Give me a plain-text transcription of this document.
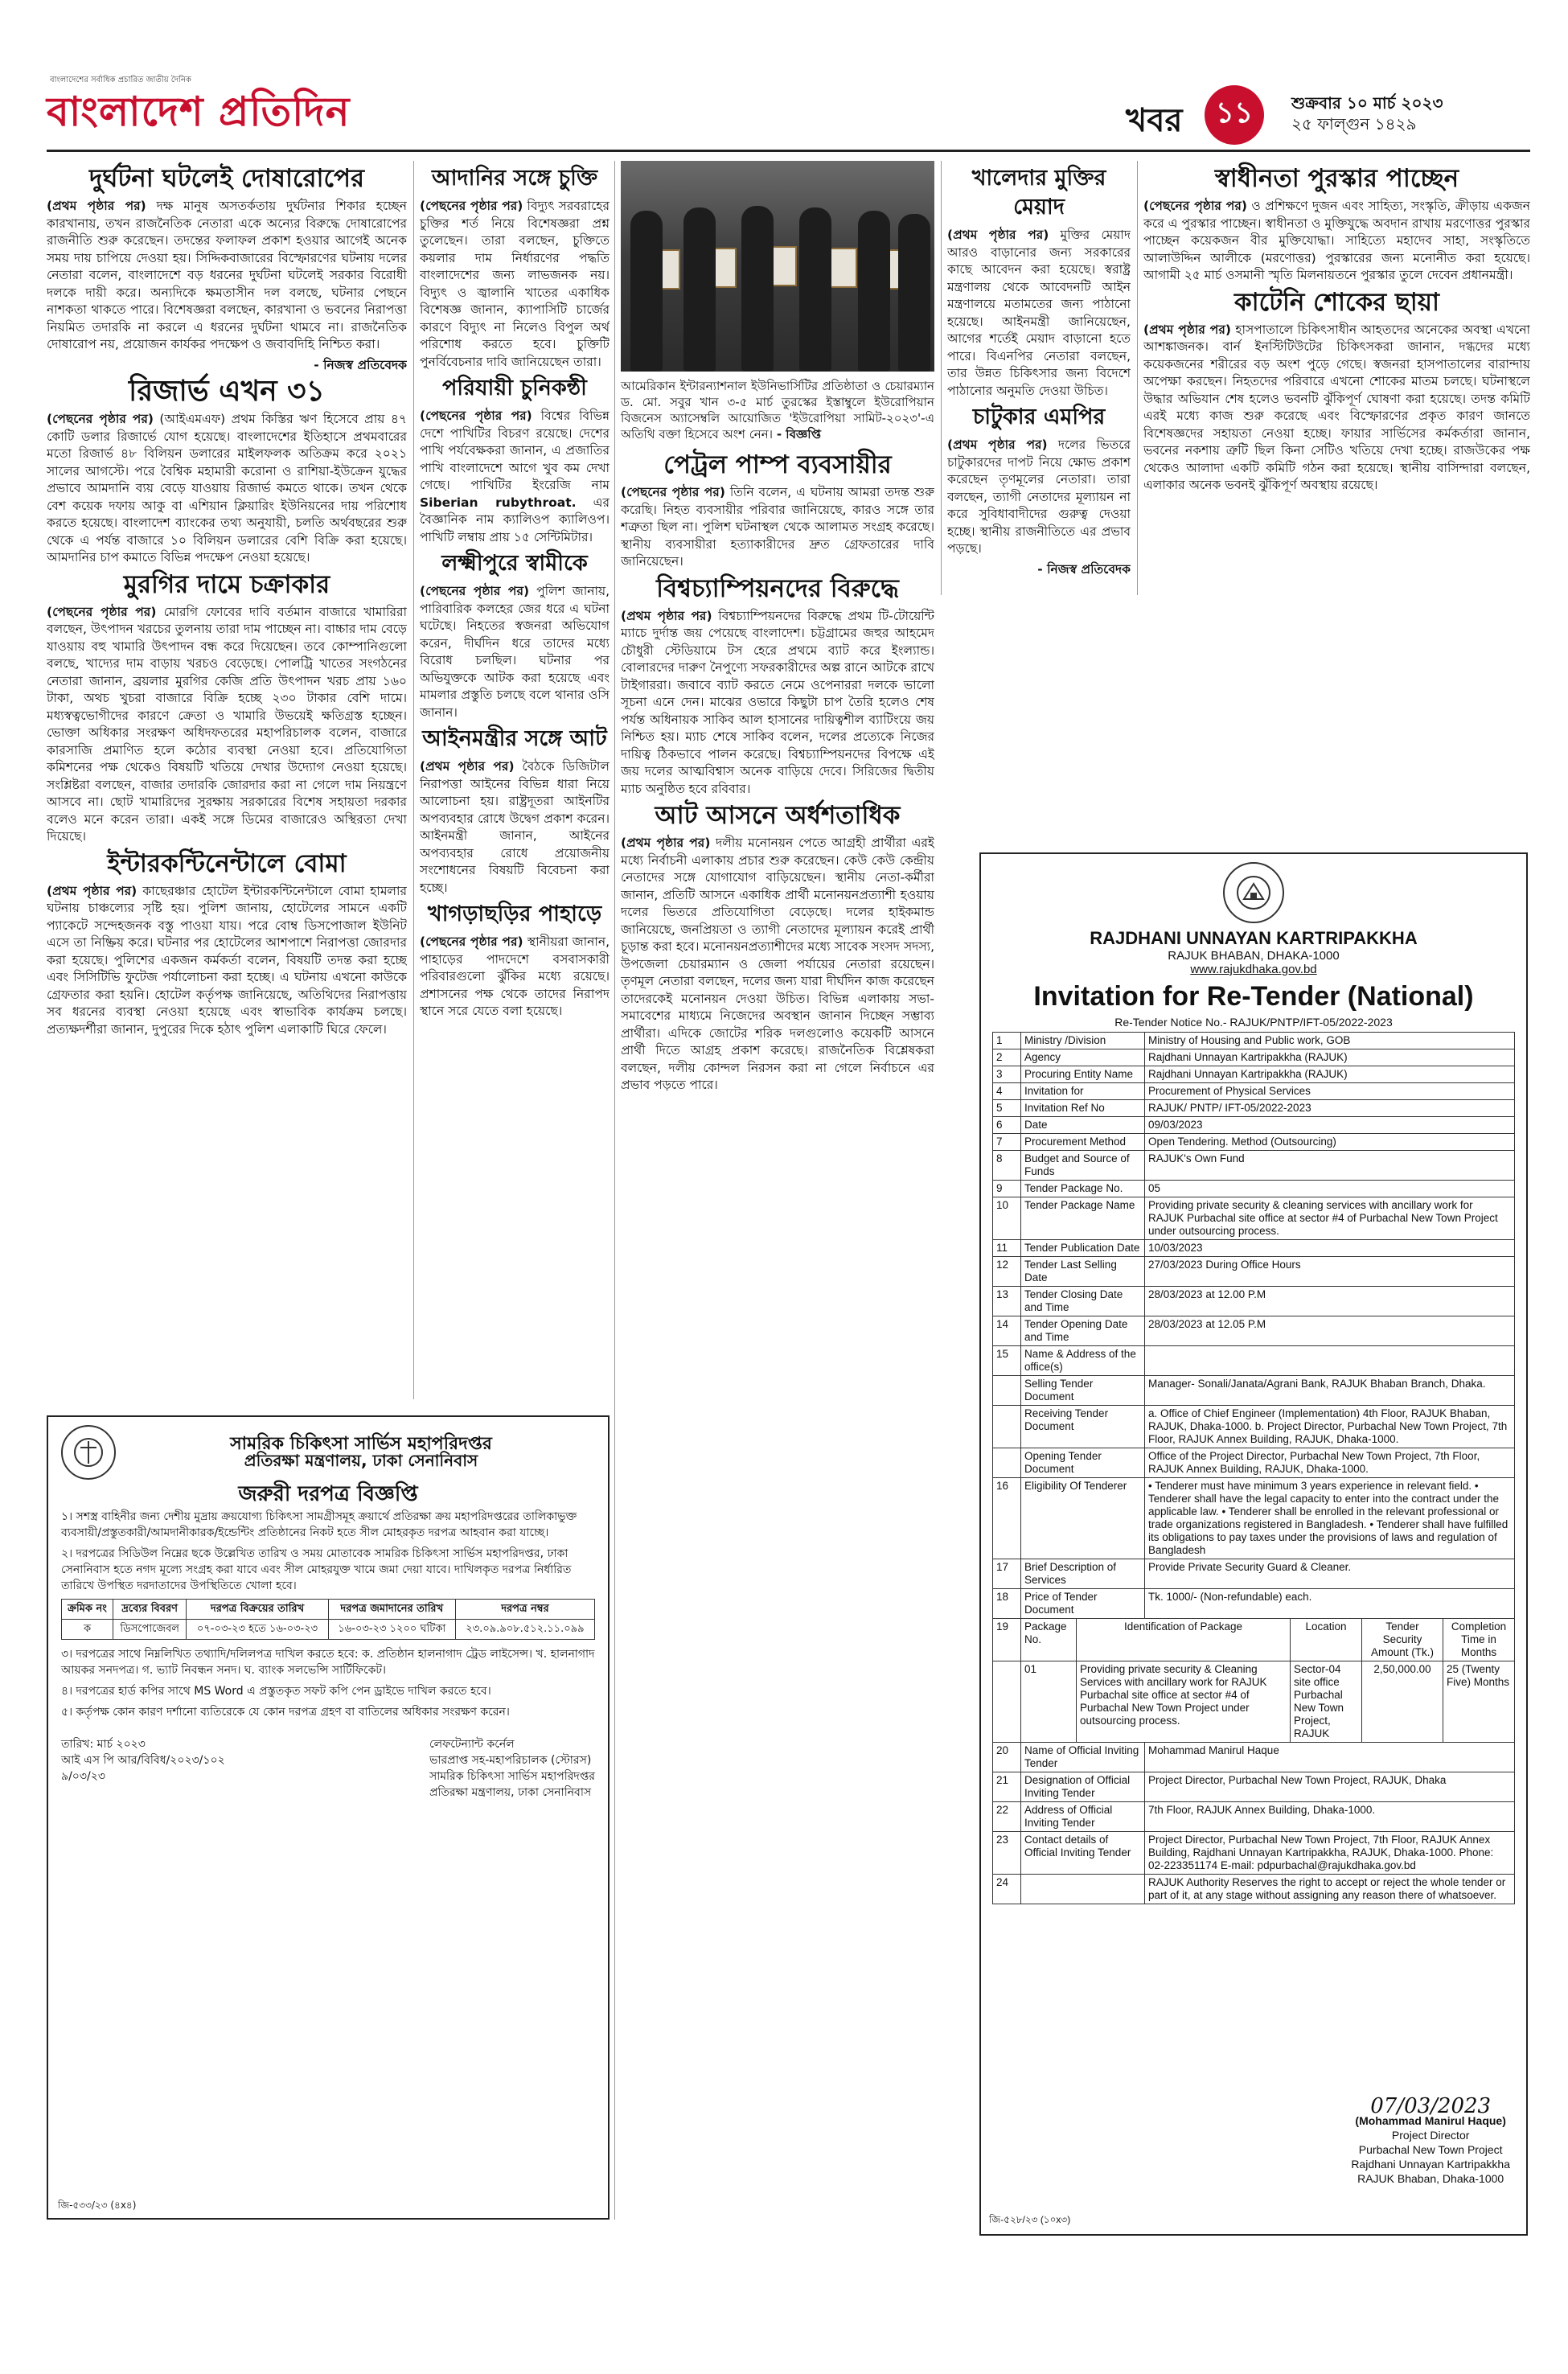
বাংলাদেশের সর্বাধিক প্রচারিত জাতীয় দৈনিক
বাংলাদেশ প্রতিদিন	খবর ১১ শুক্রবার ১০ মার্চ ২০২৩
২৫ ফাল্গুন ১৪২৯
দুর্ঘটনা ঘটলেই দোষারোপের

(প্রথম পৃষ্ঠার পর) দক্ষ মানুষ অসতর্কতায় দুর্ঘটনার শিকার হচ্ছেন কারখানায়, তখন রাজনৈতিক নেতারা একে অন্যের বিরুদ্ধে দোষারোপের রাজনীতি শুরু করেছেন। তদন্তের ফলাফল প্রকাশ হওয়ার আগেই অনেক সময় দায় চাপিয়ে দেওয়া হয়। সিদ্দিকবাজারের বিস্ফোরণের ঘটনায় দলের নেতারা বলেন, বাংলাদেশে বড় ধরনের দুর্ঘটনা ঘটলেই সরকার বিরোধী দলকে দায়ী করে। অন্যদিকে ক্ষমতাসীন দল বলছে, ঘটনার পেছনে নাশকতা থাকতে পারে। বিশেষজ্ঞরা বলছেন, কারখানা ও ভবনের নিরাপত্তা নিয়মিত তদারকি না করলে এ ধরনের দুর্ঘটনা থামবে না। রাজনৈতিক দোষারোপ নয়, প্রয়োজন কার্যকর পদক্ষেপ ও জবাবদিহি নিশ্চিত করা।

- নিজস্ব প্রতিবেদক
রিজার্ভ এখন ৩১

(পেছনের পৃষ্ঠার পর) (আইএমএফ) প্রথম কিস্তির ঋণ হিসেবে প্রায় ৪৭ কোটি ডলার রিজার্ভে যোগ হয়েছে। বাংলাদেশের ইতিহাসে প্রথমবারের মতো রিজার্ভ ৪৮ বিলিয়ন ডলারের মাইলফলক অতিক্রম করে ২০২১ সালের আগস্টে। পরে বৈশ্বিক মহামারী করোনা ও রাশিয়া-ইউক্রেন যুদ্ধের প্রভাবে আমদানি ব্যয় বেড়ে যাওয়ায় রিজার্ভ কমতে থাকে। তখন থেকে বেশ কয়েক দফায় আকু বা এশিয়ান ক্লিয়ারিং ইউনিয়নের দায় পরিশোধ করতে হয়েছে। বাংলাদেশ ব্যাংকের তথ্য অনুযায়ী, চলতি অর্থবছরের শুরু থেকে এ পর্যন্ত বাজারে ১০ বিলিয়ন ডলারের বেশি বিক্রি করা হয়েছে। আমদানির চাপ কমাতে বিভিন্ন পদক্ষেপ নেওয়া হয়েছে।

মুরগির দামে চক্রাকার

(পেছনের পৃষ্ঠার পর) মোরগি ফোবের দাবি বর্তমান বাজারে খামারিরা বলছেন, উৎপাদন খরচের তুলনায় তারা দাম পাচ্ছেন না। বাচ্চার দাম বেড়ে যাওয়ায় বহু খামারি উৎপাদন বন্ধ করে দিয়েছেন। তবে কোম্পানিগুলো বলছে, খাদ্যের দাম বাড়ায় খরচও বেড়েছে। পোলট্রি খাতের সংগঠনের নেতারা জানান, ব্রয়লার মুরগির কেজি প্রতি উৎপাদন খরচ প্রায় ১৬০ টাকা, অথচ খুচরা বাজারে বিক্রি হচ্ছে ২৩০ টাকার বেশি দামে। মধ্যস্বত্বভোগীদের কারণে ক্রেতা ও খামারি উভয়েই ক্ষতিগ্রস্ত হচ্ছেন। ভোক্তা অধিকার সংরক্ষণ অধিদফতরের মহাপরিচালক বলেন, বাজারে কারসাজি প্রমাণিত হলে কঠোর ব্যবস্থা নেওয়া হবে। প্রতিযোগিতা কমিশনের পক্ষ থেকেও বিষয়টি খতিয়ে দেখার উদ্যোগ নেওয়া হয়েছে। সংশ্লিষ্টরা বলছেন, বাজার তদারকি জোরদার করা না গেলে দাম নিয়ন্ত্রণে আসবে না। ছোট খামারিদের সুরক্ষায় সরকারের বিশেষ সহায়তা দরকার বলেও মনে করেন তারা। একই সঙ্গে ডিমের বাজারেও অস্থিরতা দেখা দিয়েছে।

ইন্টারকন্টিনেন্টালে বোমা

(প্রথম পৃষ্ঠার পর) কাছেরঞ্চার হোটেল ইন্টারকন্টিনেন্টালে বোমা হামলার ঘটনায় চাঞ্চল্যের সৃষ্টি হয়। পুলিশ জানায়, হোটেলের সামনে একটি প্যাকেটে সন্দেহজনক বস্তু পাওয়া যায়। পরে বোম্ব ডিসপোজাল ইউনিট এসে তা নিষ্ক্রিয় করে। ঘটনার পর হোটেলের আশপাশে নিরাপত্তা জোরদার করা হয়েছে। পুলিশের একজন কর্মকর্তা বলেন, বিষয়টি তদন্ত করা হচ্ছে এবং সিসিটিভি ফুটেজ পর্যালোচনা করা হচ্ছে। এ ঘটনায় এখনো কাউকে গ্রেফতার করা হয়নি। হোটেল কর্তৃপক্ষ জানিয়েছে, অতিথিদের নিরাপত্তায় সব ধরনের ব্যবস্থা নেওয়া হয়েছে এবং স্বাভাবিক কার্যক্রম চলছে। প্রত্যক্ষদর্শীরা জানান, দুপুরের দিকে হঠাৎ পুলিশ এলাকাটি ঘিরে ফেলে।

আদানির সঙ্গে চুক্তি

(পেছনের পৃষ্ঠার পর) বিদ্যুৎ সরবরাহের চুক্তির শর্ত নিয়ে বিশেষজ্ঞরা প্রশ্ন তুলেছেন। তারা বলছেন, চুক্তিতে কয়লার দাম নির্ধারণের পদ্ধতি বাংলাদেশের জন্য লাভজনক নয়। বিদ্যুৎ ও জ্বালানি খাতের একাধিক বিশেষজ্ঞ জানান, ক্যাপাসিটি চার্জের কারণে বিদ্যুৎ না নিলেও বিপুল অর্থ পরিশোধ করতে হবে। চুক্তিটি পুনর্বিবেচনার দাবি জানিয়েছেন তারা।

পরিযায়ী চুনিকন্ঠী

(পেছনের পৃষ্ঠার পর) বিশ্বের বিভিন্ন দেশে পাখিটির বিচরণ রয়েছে। দেশের পাখি পর্যবেক্ষকরা জানান, এ প্রজাতির পাখি বাংলাদেশে আগে খুব কম দেখা গেছে। পাখিটির ইংরেজি নাম Siberian rubythroat. এর বৈজ্ঞানিক নাম ক্যালিওপ ক্যালিওপ। পাখিটি লম্বায় প্রায় ১৫ সেন্টিমিটার।

লক্ষ্মীপুরে স্বামীকে

(পেছনের পৃষ্ঠার পর) পুলিশ জানায়, পারিবারিক কলহের জের ধরে এ ঘটনা ঘটেছে। নিহতের স্বজনরা অভিযোগ করেন, দীর্ঘদিন ধরে তাদের মধ্যে বিরোধ চলছিল। ঘটনার পর অভিযুক্তকে আটক করা হয়েছে এবং মামলার প্রস্তুতি চলছে বলে থানার ওসি জানান।

আইনমন্ত্রীর সঙ্গে আট

(প্রথম পৃষ্ঠার পর) বৈঠকে ডিজিটাল নিরাপত্তা আইনের বিভিন্ন ধারা নিয়ে আলোচনা হয়। রাষ্ট্রদূতরা আইনটির অপব্যবহার রোধে উদ্বেগ প্রকাশ করেন। আইনমন্ত্রী জানান, আইনের অপব্যবহার রোধে প্রয়োজনীয় সংশোধনের বিষয়টি বিবেচনা করা হচ্ছে।

খাগড়াছড়ির পাহাড়ে

(পেছনের পৃষ্ঠার পর) স্থানীয়রা জানান, পাহাড়ের পাদদেশে বসবাসকারী পরিবারগুলো ঝুঁকির মধ্যে রয়েছে। প্রশাসনের পক্ষ থেকে তাদের নিরাপদ স্থানে সরে যেতে বলা হয়েছে।

আমেরিকান ইন্টারন্যাশনাল ইউনিভার্সিটির প্রতিষ্ঠাতা ও চেয়ারম্যান ড. মো. সবুর খান ৩-৫ মার্চ তুরস্কের ইস্তাম্বুলে ইউরোপিয়ান বিজনেস অ্যাসেম্বলি আয়োজিত 'ইউরোপিয়া সামিট-২০২৩'-এ অতিথি বক্তা হিসেবে অংশ নেন। - বিজ্ঞপ্তি
পেট্রল পাম্প ব্যবসায়ীর

(পেছনের পৃষ্ঠার পর) তিনি বলেন, এ ঘটনায় আমরা তদন্ত শুরু করেছি। নিহত ব্যবসায়ীর পরিবার জানিয়েছে, কারও সঙ্গে তার শত্রুতা ছিল না। পুলিশ ঘটনাস্থল থেকে আলামত সংগ্রহ করেছে। স্থানীয় ব্যবসায়ীরা হত্যাকারীদের দ্রুত গ্রেফতারের দাবি জানিয়েছেন।

বিশ্বচ্যাম্পিয়নদের বিরুদ্ধে

(প্রথম পৃষ্ঠার পর) বিশ্বচ্যাম্পিয়নদের বিরুদ্ধে প্রথম টি-টোয়েন্টি ম্যাচে দুর্দান্ত জয় পেয়েছে বাংলাদেশ। চট্টগ্রামের জহুর আহমেদ চৌধুরী স্টেডিয়ামে টস হেরে প্রথমে ব্যাট করে ইংল্যান্ড। বোলারদের দারুণ নৈপুণ্যে সফরকারীদের অল্প রানে আটকে রাখে টাইগাররা। জবাবে ব্যাট করতে নেমে ওপেনাররা দলকে ভালো সূচনা এনে দেন। মাঝের ওভারে কিছুটা চাপ তৈরি হলেও শেষ পর্যন্ত অধিনায়ক সাকিব আল হাসানের দায়িত্বশীল ব্যাটিংয়ে জয় নিশ্চিত হয়। ম্যাচ শেষে সাকিব বলেন, দলের প্রত্যেকে নিজের দায়িত্ব ঠিকভাবে পালন করেছে। বিশ্বচ্যাম্পিয়নদের বিপক্ষে এই জয় দলের আত্মবিশ্বাস অনেক বাড়িয়ে দেবে। সিরিজের দ্বিতীয় ম্যাচ অনুষ্ঠিত হবে রবিবার।

আট আসনে অর্ধশতাধিক

(প্রথম পৃষ্ঠার পর) দলীয় মনোনয়ন পেতে আগ্রহী প্রার্থীরা এরই মধ্যে নির্বাচনী এলাকায় প্রচার শুরু করেছেন। কেউ কেউ কেন্দ্রীয় নেতাদের সঙ্গে যোগাযোগ বাড়িয়েছেন। স্থানীয় নেতা-কর্মীরা জানান, প্রতিটি আসনে একাধিক প্রার্থী মনোনয়নপ্রত্যাশী হওয়ায় দলের ভিতরে প্রতিযোগিতা বেড়েছে। দলের হাইকমান্ড জানিয়েছে, জনপ্রিয়তা ও ত্যাগী নেতাদের মূল্যায়ন করেই প্রার্থী চূড়ান্ত করা হবে। মনোনয়নপ্রত্যাশীদের মধ্যে সাবেক সংসদ সদস্য, উপজেলা চেয়ারম্যান ও জেলা পর্যায়ের নেতারা রয়েছেন। তৃণমূল নেতারা বলছেন, দলের জন্য যারা দীর্ঘদিন কাজ করেছেন তাদেরকেই মনোনয়ন দেওয়া উচিত। বিভিন্ন এলাকায় সভা-সমাবেশের মাধ্যমে নিজেদের অবস্থান জানান দিচ্ছেন সম্ভাব্য প্রার্থীরা। এদিকে জোটের শরিক দলগুলোও কয়েকটি আসনে প্রার্থী দিতে আগ্রহ প্রকাশ করেছে। রাজনৈতিক বিশ্লেষকরা বলছেন, দলীয় কোন্দল নিরসন করা না গেলে নির্বাচনে এর প্রভাব পড়তে পারে।

খালেদার মুক্তির মেয়াদ

(প্রথম পৃষ্ঠার পর) মুক্তির মেয়াদ আরও বাড়ানোর জন্য সরকারের কাছে আবেদন করা হয়েছে। স্বরাষ্ট্র মন্ত্রণালয় থেকে আবেদনটি আইন মন্ত্রণালয়ে মতামতের জন্য পাঠানো হয়েছে। আইনমন্ত্রী জানিয়েছেন, আগের শর্তেই মেয়াদ বাড়ানো হতে পারে। বিএনপির নেতারা বলছেন, তার উন্নত চিকিৎসার জন্য বিদেশে পাঠানোর অনুমতি দেওয়া উচিত।

চাটুকার এমপির

(প্রথম পৃষ্ঠার পর) দলের ভিতরে চাটুকারদের দাপট নিয়ে ক্ষোভ প্রকাশ করেছেন তৃণমূলের নেতারা। তারা বলছেন, ত্যাগী নেতাদের মূল্যায়ন না করে সুবিধাবাদীদের গুরুত্ব দেওয়া হচ্ছে। স্থানীয় রাজনীতিতে এর প্রভাব পড়ছে।

- নিজস্ব প্রতিবেদক
স্বাধীনতা পুরস্কার পাচ্ছেন

(পেছনের পৃষ্ঠার পর) ও প্রশিক্ষণে দুজন এবং সাহিত্য, সংস্কৃতি, ক্রীড়ায় একজন করে এ পুরস্কার পাচ্ছেন। স্বাধীনতা ও মুক্তিযুদ্ধে অবদান রাখায় মরণোত্তর পুরস্কার পাচ্ছেন কয়েকজন বীর মুক্তিযোদ্ধা। সাহিত্যে মহাদেব সাহা, সংস্কৃতিতে আলাউদ্দিন আলীকে (মরণোত্তর) পুরস্কারের জন্য মনোনীত করা হয়েছে। আগামী ২৫ মার্চ ওসমানী স্মৃতি মিলনায়তনে পুরস্কার তুলে দেবেন প্রধানমন্ত্রী।

কাটেনি শোকের ছায়া

(প্রথম পৃষ্ঠার পর) হাসপাতালে চিকিৎসাধীন আহতদের অনেকের অবস্থা এখনো আশঙ্কাজনক। বার্ন ইনস্টিটিউটের চিকিৎসকরা জানান, দগ্ধদের মধ্যে কয়েকজনের শরীরের বড় অংশ পুড়ে গেছে। স্বজনরা হাসপাতালের বারান্দায় অপেক্ষা করছেন। নিহতদের পরিবারে এখনো শোকের মাতম চলছে। ঘটনাস্থলে উদ্ধার অভিযান শেষ হলেও ভবনটি ঝুঁকিপূর্ণ ঘোষণা করা হয়েছে। তদন্ত কমিটি এরই মধ্যে কাজ শুরু করেছে এবং বিস্ফোরণের প্রকৃত কারণ জানতে বিশেষজ্ঞদের সহায়তা নেওয়া হচ্ছে। ফায়ার সার্ভিসের কর্মকর্তারা জানান, ভবনের নকশায় ত্রুটি ছিল কিনা সেটিও খতিয়ে দেখা হচ্ছে। রাজউকের পক্ষ থেকেও আলাদা একটি কমিটি গঠন করা হয়েছে। স্থানীয় বাসিন্দারা বলছেন, এলাকার অনেক ভবনই ঝুঁকিপূর্ণ অবস্থায় রয়েছে।

RAJDHANI UNNAYAN KARTRIPAKKHA
RAJUK BHABAN, DHAKA-1000
www.rajukdhaka.gov.bd
Invitation for Re-Tender (National)
Re-Tender Notice No.- RAJUK/PNTP/IFT-05/2022-2023
1	Ministry /Division	Ministry of Housing and Public work, GOB
2	Agency	Rajdhani Unnayan Kartripakkha (RAJUK)
3	Procuring Entity Name	Rajdhani Unnayan Kartripakkha (RAJUK)
4	Invitation for	Procurement of Physical Services
5	Invitation Ref No	RAJUK/ PNTP/ IFT-05/2022-2023
6	Date	09/03/2023
7	Procurement Method	Open Tendering. Method (Outsourcing)
8	Budget and Source of Funds	RAJUK's Own Fund
9	Tender Package No.	05
10	Tender Package Name	Providing private security & cleaning services with ancillary work for RAJUK Purbachal site office at sector #4 of Purbachal New Town Project under outsourcing process.
11	Tender Publication Date	10/03/2023
12	Tender Last Selling Date	27/03/2023 During Office Hours
13	Tender Closing Date and Time	28/03/2023 at 12.00 P.M
14	Tender Opening Date and Time	28/03/2023 at 12.05 P.M
15	Name & Address of the office(s)	
	Selling Tender Document	Manager- Sonali/Janata/Agrani Bank, RAJUK Bhaban Branch, Dhaka.
	Receiving Tender Document	a. Office of Chief Engineer (Implementation) 4th Floor, RAJUK Bhaban, RAJUK, Dhaka-1000. b. Project Director, Purbachal New Town Project, 7th Floor, RAJUK Annex Building, RAJUK, Dhaka-1000.
	Opening Tender Document	Office of the Project Director, Purbachal New Town Project, 7th Floor, RAJUK Annex Building, RAJUK, Dhaka-1000.
16	Eligibility Of Tenderer	• Tenderer must have minimum 3 years experience in relevant field. • Tenderer shall have the legal capacity to enter into the contract under the applicable law. • Tenderer shall be enrolled in the relevant professional or trade organizations registered in Bangladesh. • Tenderer shall have fulfilled its obligations to pay taxes under the provisions of laws and regulation of Bangladesh
17	Brief Description of Services	Provide Private Security Guard & Cleaner.
18	Price of Tender Document	Tk. 1000/- (Non-refundable) each.
19	Package No.	Identification of Package	Location	Tender Security Amount (Tk.)	Completion Time in Months
	01	Providing private security & Cleaning Services with ancillary work for RAJUK Purbachal site office at sector #4 of Purbachal New Town Project under outsourcing process.	Sector-04 site office Purbachal New Town Project, RAJUK	2,50,000.00	25 (Twenty Five) Months
20	Name of Official Inviting Tender	Mohammad Manirul Haque
21	Designation of Official Inviting Tender	Project Director, Purbachal New Town Project, RAJUK, Dhaka
22	Address of Official Inviting Tender	7th Floor, RAJUK Annex Building, Dhaka-1000.
23	Contact details of Official Inviting Tender	Project Director, Purbachal New Town Project, 7th Floor, RAJUK Annex Building, Rajdhani Unnayan Kartripakkha, RAJUK, Dhaka-1000. Phone: 02-223351174 E-mail: pdpurbachal@rajukdhaka.gov.bd
24		RAJUK Authority Reserves the right to accept or reject the whole tender or part of it, at any stage without assigning any reason there of whatsoever.
07/03/2023
(Mohammad Manirul Haque)
Project Director
Purbachal New Town Project
Rajdhani Unnayan Kartripakkha
RAJUK Bhaban, Dhaka-1000
জি-৫২৮/২৩ (১০x৩)
সামরিক চিকিৎসা সার্ভিস মহাপরিদপ্তর
প্রতিরক্ষা মন্ত্রণালয়, ঢাকা সেনানিবাস
জরুরী দরপত্র বিজ্ঞপ্তি

১। সশস্ত্র বাহিনীর জন্য দেশীয় মুদ্রায় ক্রয়যোগ্য চিকিৎসা সামগ্রীসমূহ ক্রয়ার্থে প্রতিরক্ষা ক্রয় মহাপরিদপ্তরের তালিকাভুক্ত ব্যবসায়ী/প্রস্তুতকারী/আমদানীকারক/ইন্ডেন্টিং প্রতিষ্ঠানের নিকট হতে সীল মোহরকৃত দরপত্র আহবান করা যাচ্ছে।

২। দরপত্রের সিডিউল নিম্নের ছকে উল্লেখিত তারিখ ও সময় মোতাবেক সামরিক চিকিৎসা সার্ভিস মহাপরিদপ্তর, ঢাকা সেনানিবাস হতে নগদ মূল্যে সংগ্রহ করা যাবে এবং সীল মোহরযুক্ত খামে জমা দেয়া যাবে। দাখিলকৃত দরপত্র নির্ধারিত তারিখে উপস্থিত দরদাতাদের উপস্থিতিতে খোলা হবে।

ক্রমিক নং	দ্রব্যের বিবরণ	দরপত্র বিক্রয়ের তারিখ	দরপত্র জমাদানের তারিখ	দরপত্র নম্বর
ক	ডিসপোজেবল	০৭-০৩-২৩ হতে ১৬-০৩-২৩	১৬-০৩-২৩ ১২০০ ঘটিকা	২৩.০৯.৯০৮.৫১২.১১.০৯৯

৩। দরপত্রের সাথে নিম্নলিখিত তথ্যাদি/দলিলপত্র দাখিল করতে হবে: ক. প্রতিষ্ঠান হালনাগাদ ট্রেড লাইসেন্স। খ. হালনাগাদ আয়কর সনদপত্র। গ. ভ্যাট নিবন্ধন সনদ। ঘ. ব্যাংক সলভেন্সি সার্টিফিকেট।

৪। দরপত্রের হার্ড কপির সাথে MS Word এ প্রস্তুতকৃত সফট কপি পেন ড্রাইভে দাখিল করতে হবে।

৫। কর্তৃপক্ষ কোন কারণ দর্শানো ব্যতিরেকে যে কোন দরপত্র গ্রহণ বা বাতিলের অধিকার সংরক্ষণ করেন।

তারিখ: মার্চ ২০২৩
আই এস পি আর/বিবিধ/২০২৩/১০২
৯/০৩/২৩
লেফটেন্যান্ট কর্নেল
ভারপ্রাপ্ত সহ-মহাপরিচালক (স্টোরস)
সামরিক চিকিৎসা সার্ভিস মহাপরিদপ্তর
প্রতিরক্ষা মন্ত্রণালয়, ঢাকা সেনানিবাস
জি-৫৩৩/২৩ (৪x৪)
